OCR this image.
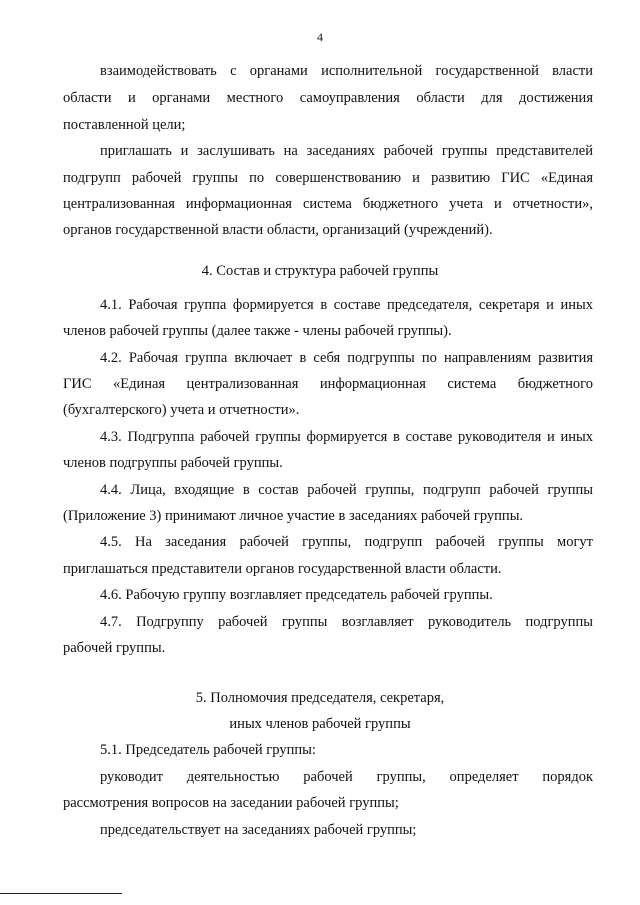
4
взаимодействовать с органами исполнительной государственной власти
области и органами местного самоуправления области для достижения
поставленной цели;
приглашать и заслушивать на заседаниях рабочей группы представителей
подгрупп рабочей группы по совершенствованию и развитию ГИС «Единая
централизованная информационная система бюджетного учета и отчетности»,
органов государственной власти области, организаций (учреждений).
4. Состав и структура рабочей группы
4.1. Рабочая группа формируется в составе председателя, секретаря и иных
членов рабочей группы (далее также - члены рабочей группы).
4.2. Рабочая группа включает в себя подгруппы по направлениям развития
ГИС «Единая централизованная информационная система бюджетного
(бухгалтерского) учета и отчетности».
4.3. Подгруппа рабочей группы формируется в составе руководителя и иных
членов подгруппы рабочей группы.
4.4. Лица, входящие в состав рабочей группы, подгрупп рабочей группы
(Приложение 3) принимают личное участие в заседаниях рабочей группы.
4.5. На заседания рабочей группы, подгрупп рабочей группы могут
приглашаться представители органов государственной власти области.
4.6. Рабочую группу возглавляет председатель рабочей группы.
4.7. Подгруппу рабочей группы возглавляет руководитель подгруппы
рабочей группы.
5. Полномочия председателя, секретаря,
иных членов рабочей группы
5.1. Председатель рабочей группы:
руководит деятельностью рабочей группы, определяет порядок
рассмотрения вопросов на заседании рабочей группы;
председательствует на заседаниях рабочей группы;
